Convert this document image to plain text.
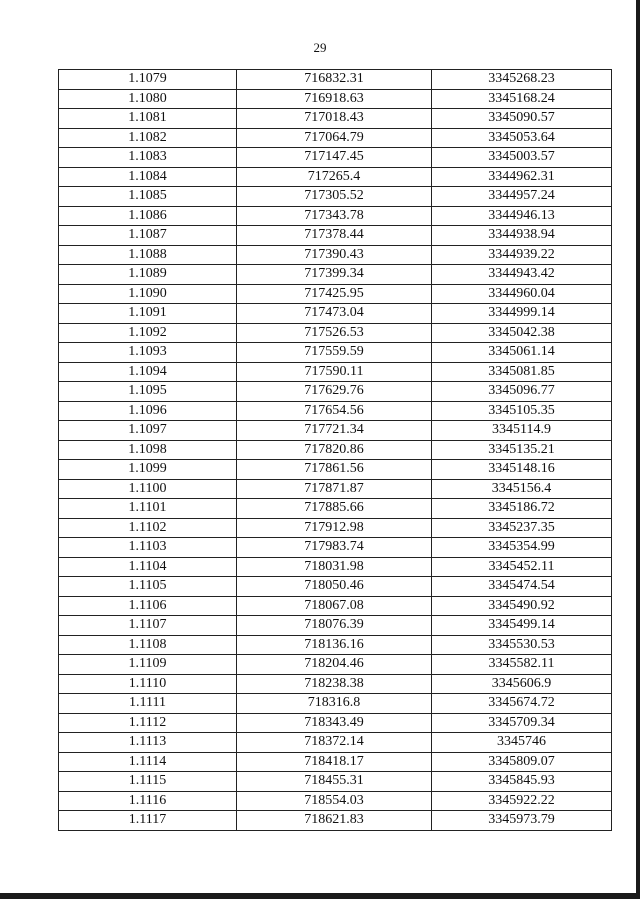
29
1.1079	716832.31	3345268.23
1.1080	716918.63	3345168.24
1.1081	717018.43	3345090.57
1.1082	717064.79	3345053.64
1.1083	717147.45	3345003.57
1.1084	717265.4	3344962.31
1.1085	717305.52	3344957.24
1.1086	717343.78	3344946.13
1.1087	717378.44	3344938.94
1.1088	717390.43	3344939.22
1.1089	717399.34	3344943.42
1.1090	717425.95	3344960.04
1.1091	717473.04	3344999.14
1.1092	717526.53	3345042.38
1.1093	717559.59	3345061.14
1.1094	717590.11	3345081.85
1.1095	717629.76	3345096.77
1.1096	717654.56	3345105.35
1.1097	717721.34	3345114.9
1.1098	717820.86	3345135.21
1.1099	717861.56	3345148.16
1.1100	717871.87	3345156.4
1.1101	717885.66	3345186.72
1.1102	717912.98	3345237.35
1.1103	717983.74	3345354.99
1.1104	718031.98	3345452.11
1.1105	718050.46	3345474.54
1.1106	718067.08	3345490.92
1.1107	718076.39	3345499.14
1.1108	718136.16	3345530.53
1.1109	718204.46	3345582.11
1.1110	718238.38	3345606.9
1.1111	718316.8	3345674.72
1.1112	718343.49	3345709.34
1.1113	718372.14	3345746
1.1114	718418.17	3345809.07
1.1115	718455.31	3345845.93
1.1116	718554.03	3345922.22
1.1117	718621.83	3345973.79
